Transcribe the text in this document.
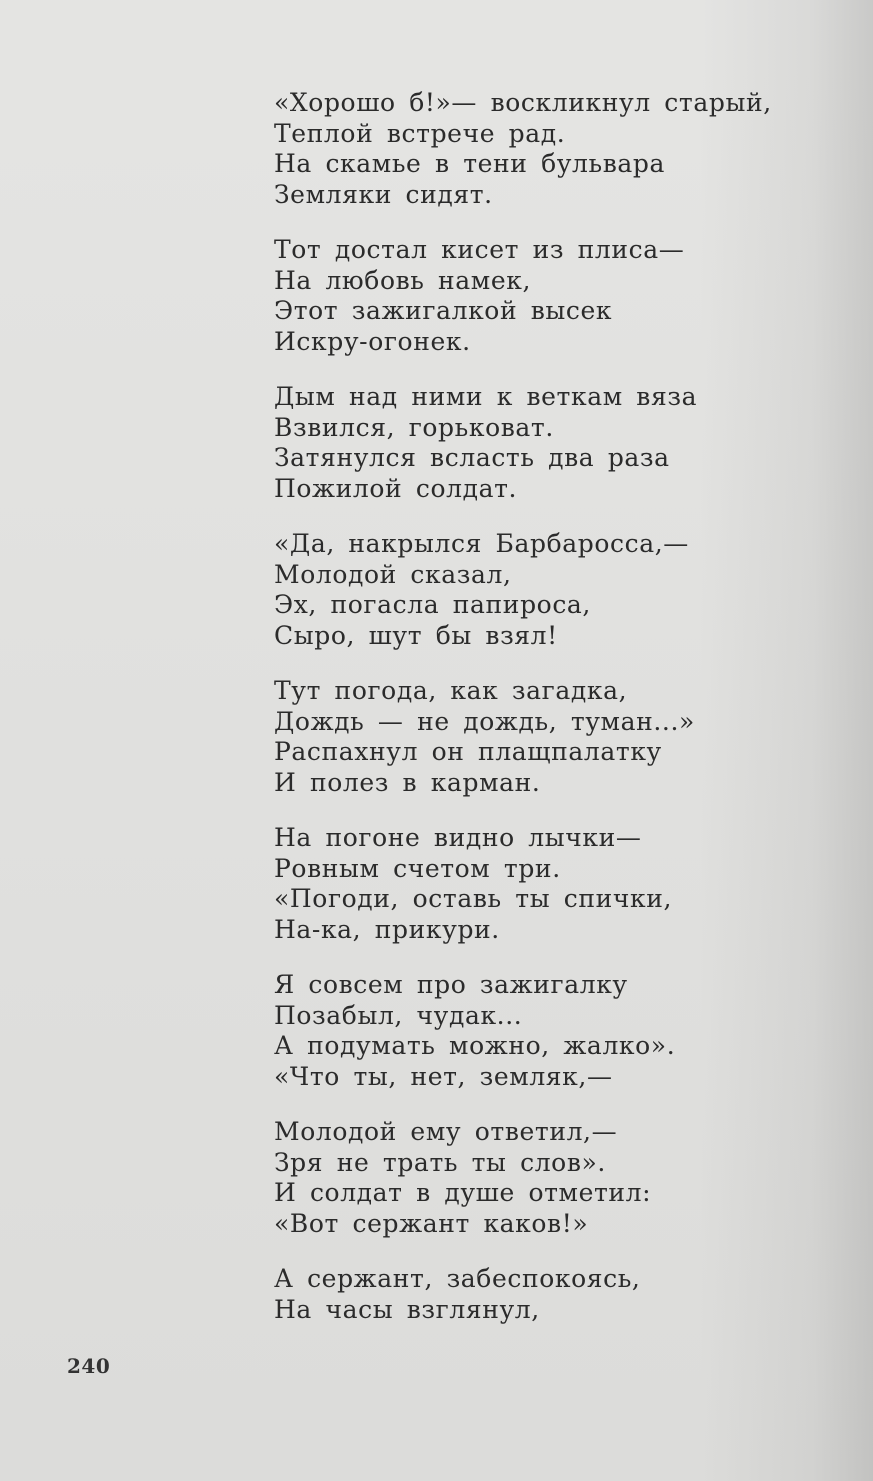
«Хорошо б!»— воскликнул старый,
Теплой встрече рад.
На скамье в тени бульвара
Земляки сидят.
Тот достал кисет из плиса—
На любовь намек,
Этот зажигалкой высек
Искру-огонек.
Дым над ними к веткам вяза
Взвился, горьковат.
Затянулся всласть два раза
Пожилой солдат.
«Да, накрылся Барбаросса,—
Молодой сказал,
Эх, погасла папироса,
Сыро, шут бы взял!
Тут погода, как загадка,
Дождь — не дождь, туман...»
Распахнул он плащпалатку
И полез в карман.
На погоне видно лычки—
Ровным счетом три.
«Погоди, оставь ты спички,
На-ка, прикури.
Я совсем про зажигалку
Позабыл, чудак...
А подумать можно, жалко».
«Что ты, нет, земляк,—
Молодой ему ответил,—
Зря не трать ты слов».
И солдат в душе отметил:
«Вот сержант каков!»
А сержант, забеспокоясь,
На часы взглянул,
240
